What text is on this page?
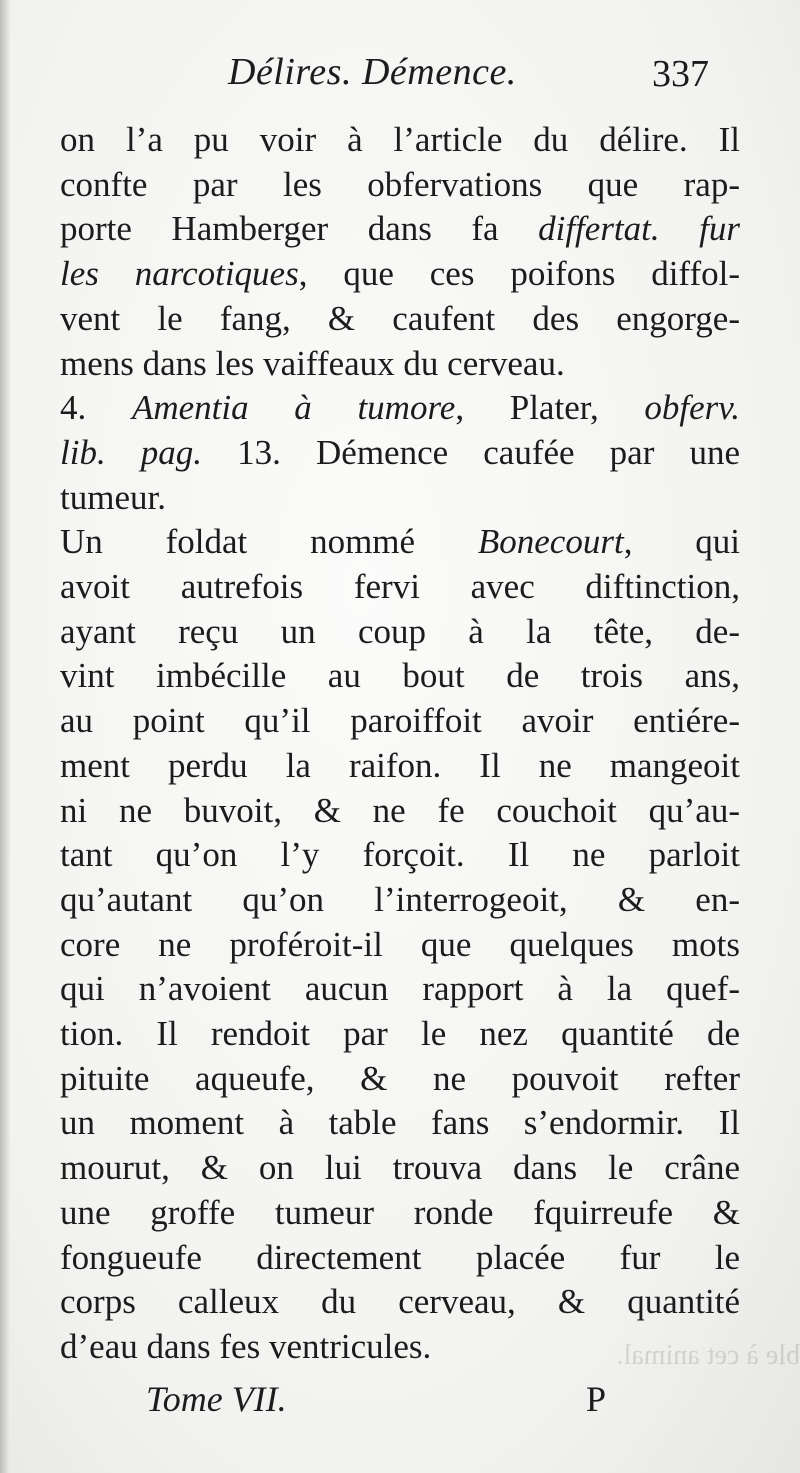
ble à cet animal.
Délires. Démence.	337
on l’a pu voir à l’article du délire. Il
confte par les obfervations que rap-
porte Hamberger dans fa differtat. fur
les narcotiques, que ces poifons diffol-
vent le fang, & caufent des engorge-
mens dans les vaiffeaux du cerveau.
4. Amentia à tumore, Plater, obferv.
lib. pag. 13. Démence caufée par une
tumeur.
Un foldat nommé Bonecourt, qui
avoit autrefois fervi avec diftinction,
ayant reçu un coup à la tête, de-
vint imbécille au bout de trois ans,
au point qu’il paroiffoit avoir entiére-
ment perdu la raifon. Il ne mangeoit
ni ne buvoit, & ne fe couchoit qu’au-
tant qu’on l’y forçoit. Il ne parloit
qu’autant qu’on l’interrogeoit, & en-
core ne proféroit-il que quelques mots
qui n’avoient aucun rapport à la quef-
tion. Il rendoit par le nez quantité de
pituite aqueufe, & ne pouvoit refter
un moment à table fans s’endormir. Il
mourut, & on lui trouva dans le crâne
une groffe tumeur ronde fquirreufe &
fongueufe directement placée fur le
corps calleux du cerveau, & quantité
d’eau dans fes ventricules.
Tome VII.	P
